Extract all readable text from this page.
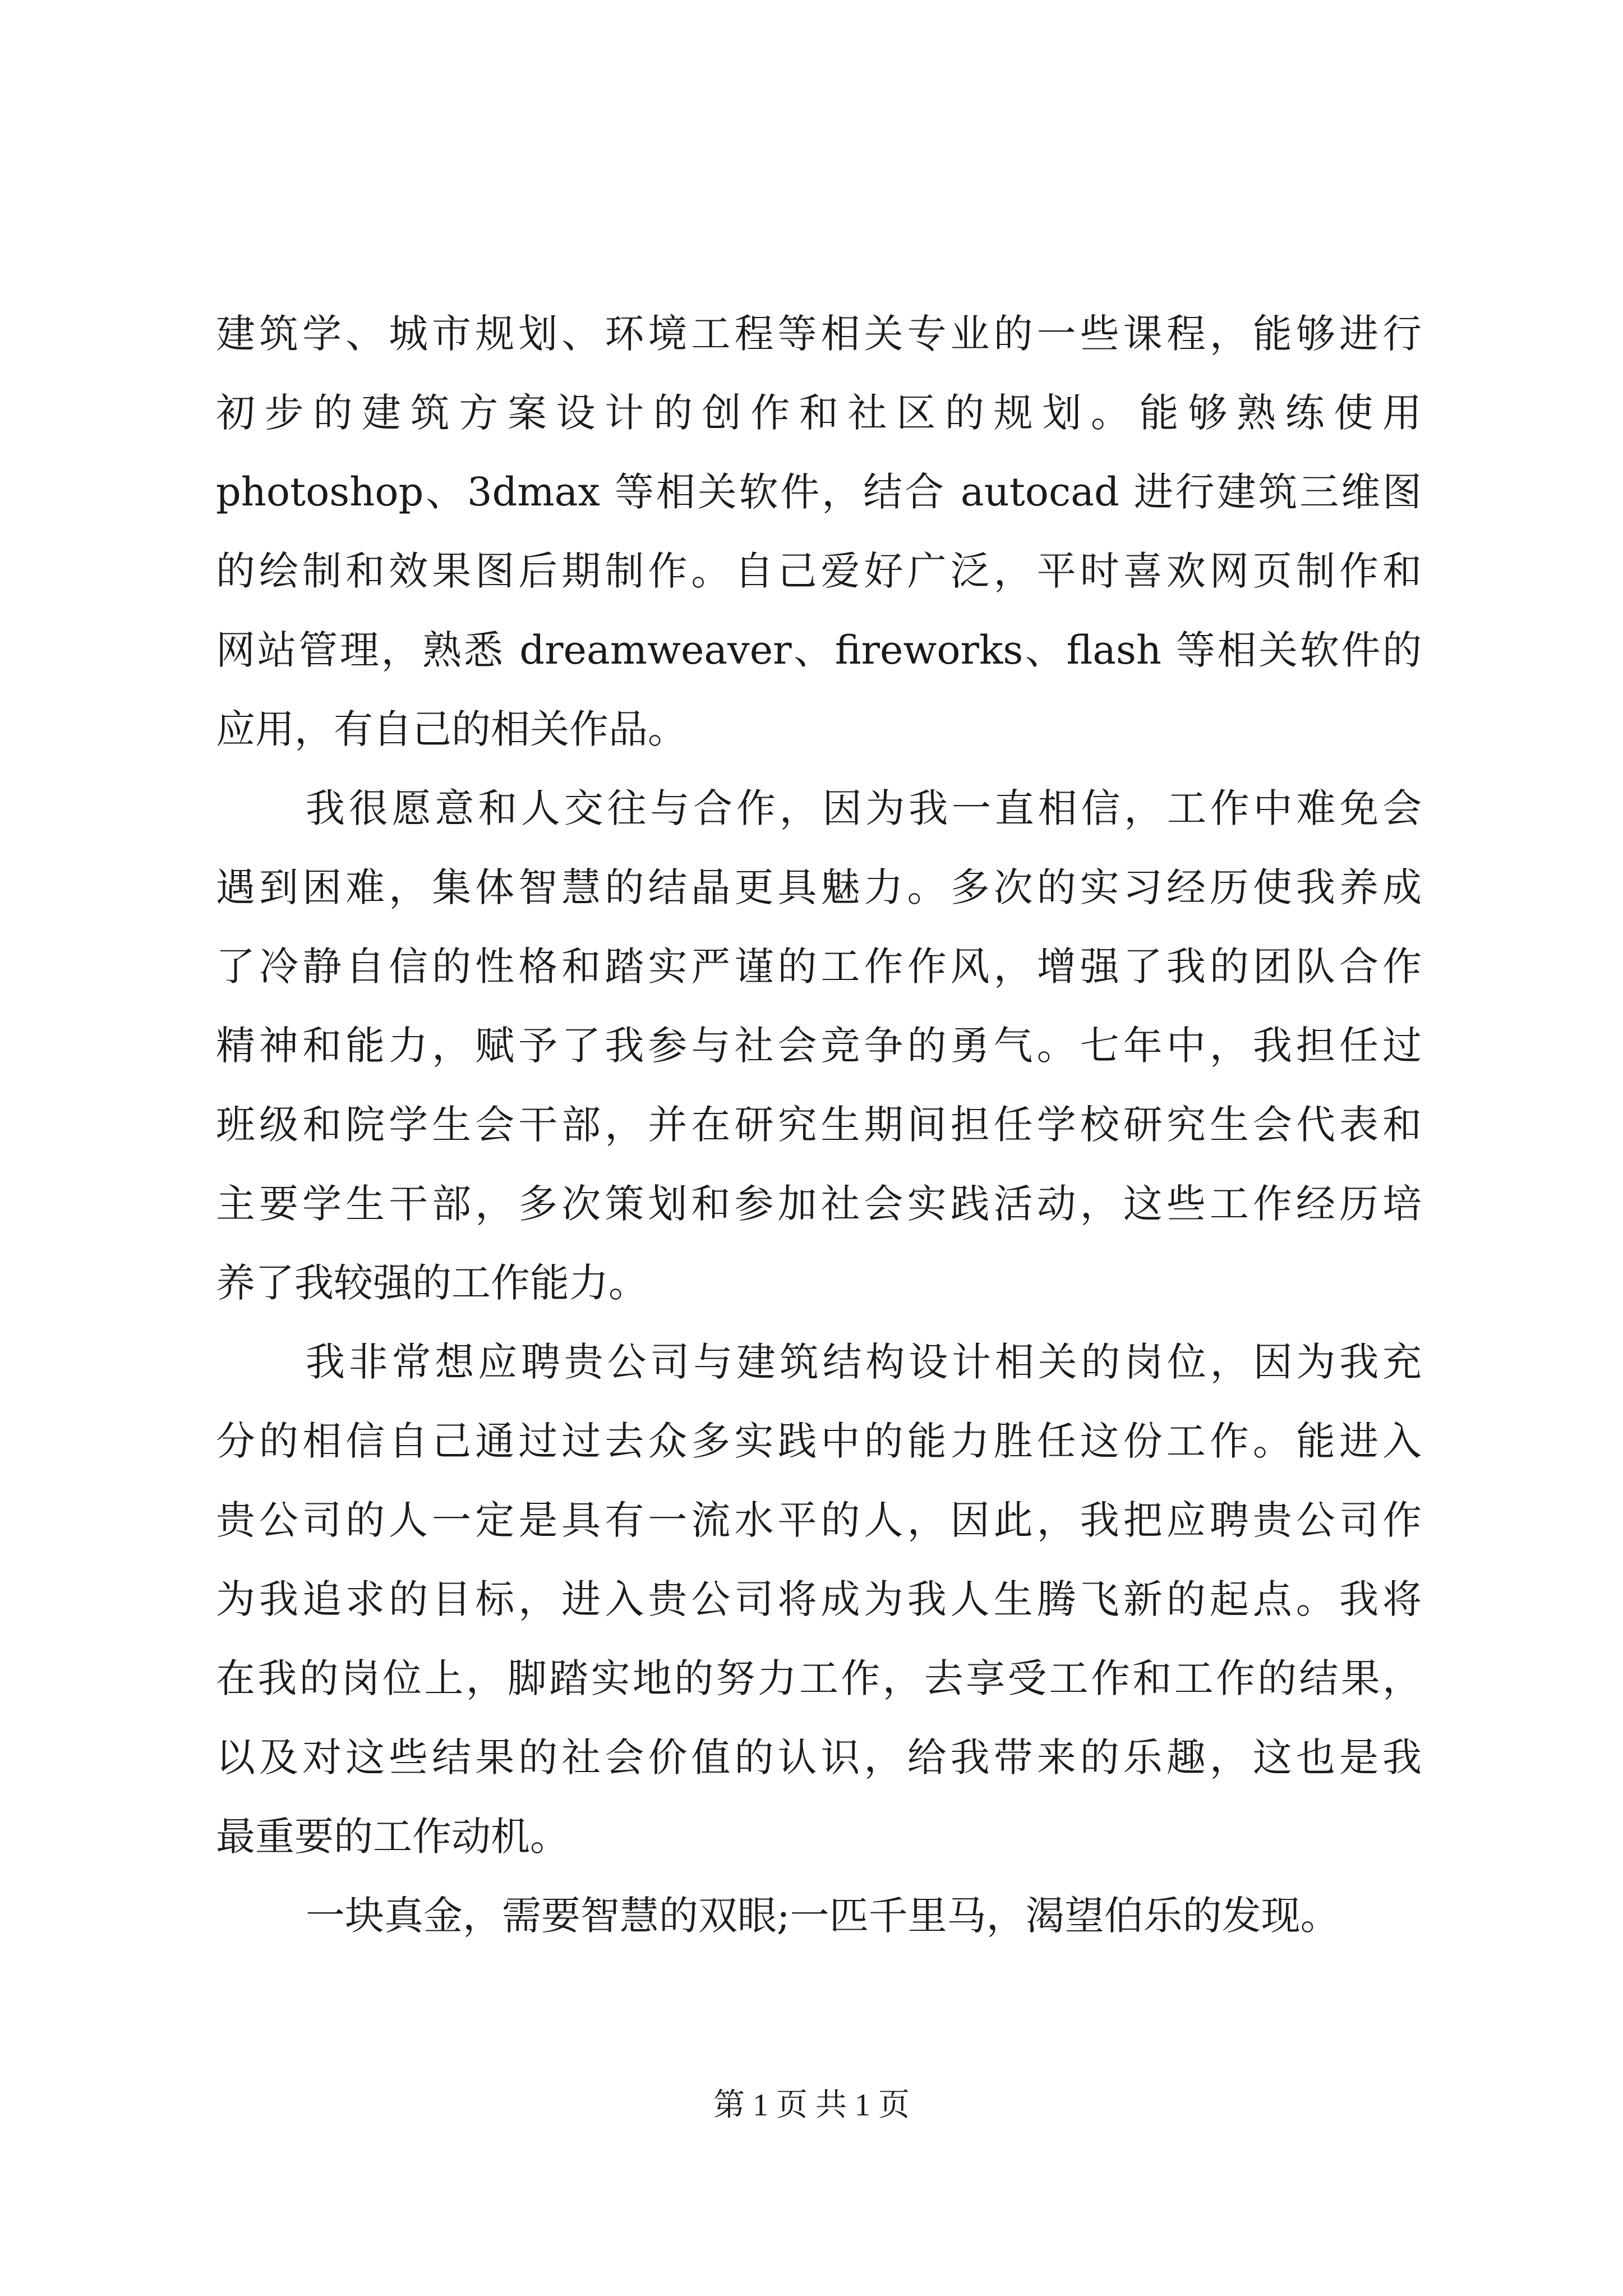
建筑学、城市规划、环境工程等相关专业的一些课程，能够进行
初步的建筑方案设计的创作和社区的规划。能够熟练使用
photoshop、3dmax 等相关软件，结合 autocad 进行建筑三维图
的绘制和效果图后期制作。自己爱好广泛，平时喜欢网页制作和
网站管理，熟悉 dreamweaver、fireworks、flash 等相关软件的
应用，有自己的相关作品。
我很愿意和人交往与合作，因为我一直相信，工作中难免会
遇到困难，集体智慧的结晶更具魅力。多次的实习经历使我养成
了冷静自信的性格和踏实严谨的工作作风，增强了我的团队合作
精神和能力，赋予了我参与社会竞争的勇气。七年中，我担任过
班级和院学生会干部，并在研究生期间担任学校研究生会代表和
主要学生干部，多次策划和参加社会实践活动，这些工作经历培
养了我较强的工作能力。
我非常想应聘贵公司与建筑结构设计相关的岗位，因为我充
分的相信自己通过过去众多实践中的能力胜任这份工作。能进入
贵公司的人一定是具有一流水平的人，因此，我把应聘贵公司作
为我追求的目标，进入贵公司将成为我人生腾飞新的起点。我将
在我的岗位上，脚踏实地的努力工作，去享受工作和工作的结果，
以及对这些结果的社会价值的认识，给我带来的乐趣，这也是我
最重要的工作动机。
一块真金，需要智慧的双眼;一匹千里马，渴望伯乐的发现。
第 1 页 共 1 页
